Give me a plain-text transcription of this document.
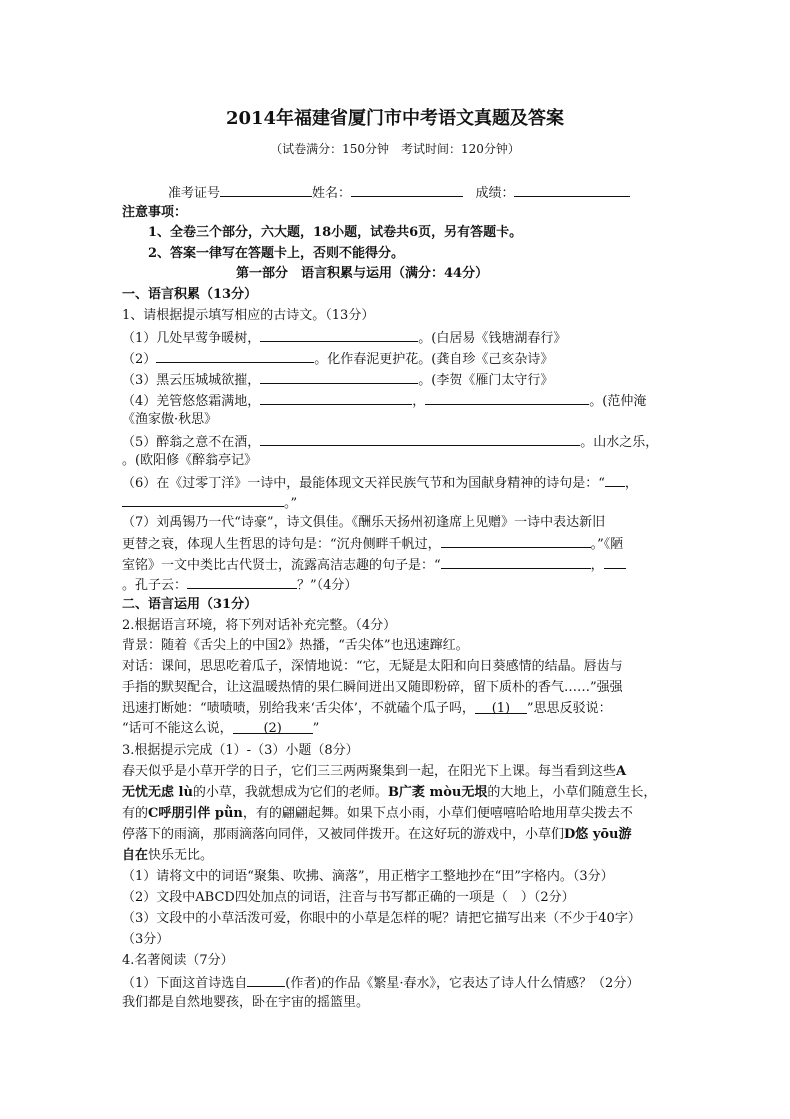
2014年福建省厦门市中考语文真题及答案
（试卷满分：150分钟　考试时间：120分钟）
准考证号	姓名：	成绩：
注意事项：
1、全卷三个部分，六大题，18小题，试卷共6页，另有答题卡。
2、答案一律写在答题卡上，否则不能得分。
第一部分　语言积累与运用（满分：44分）
一、语言积累（13分）
1、请根据提示填写相应的古诗文。（13分）
（1）几处早莺争暖树，	。(白居易《钱塘湖春行》
（2）	。化作春泥更护花。(龚自珍《己亥杂诗》
（3）黑云压城城欲摧，	。(李贺《雁门太守行》
（4）羌管悠悠霜满地，	，	。(范仲淹
《渔家傲·秋思》
（5）醉翁之意不在酒，	。山水之乐，
。(欧阳修《醉翁亭记》
（6）在《过零丁洋》一诗中，最能体现文天祥民族气节和为国献身精神的诗句是：“ ，
。”
（7）刘禹锡乃一代“诗豪”，诗文俱佳。《酬乐天扬州初逢席上见赠》一诗中表达新旧
更替之衰，体现人生哲思的诗句是：“沉舟侧畔千帆过，	。”《陋
室铭》一文中类比古代贤士，流露高洁志趣的句子是：“	，
。孔子云：	？”（4分）
二、语言运用（31分）
2.根据语言环境，将下列对话补充完整。（4分）
背景：随着《舌尖上的中国2》热播，“舌尖体”也迅速蹿红。
对话：课间，思思吃着瓜子，深情地说：“它，无疑是太阳和向日葵感情的结晶。唇齿与
手指的默契配合，让这温暖热情的果仁瞬间迸出又随即粉碎，留下质朴的香气……”强强
迅速打断她：“啧啧啧，别给我来‘舌尖体’，不就磕个瓜子吗， (1) ”思思反驳说：
“话可不能这么说， (2) ”
3.根据提示完成（1）-（3）小题（8分）
春天似乎是小草开学的日子，它们三三两两聚集到一起，在阳光下上课。每当看到这些A
无忧无虑 lù的小草，我就想成为它们的老师。B广袤 mòu无垠的大地上，小草们随意生长，
有的C呼朋引伴 pǜn，有的翩翩起舞。如果下点小雨，小草们便嘻嘻哈哈地用草尖拨去不
停落下的雨滴，那雨滴落向同伴，又被同伴拨开。在这好玩的游戏中，小草们D悠 yōu游
自在快乐无比。
（1）请将文中的词语“聚集、吹拂、滴落”，用正楷字工整地抄在“田”字格内。（3分）
（2）文段中ABCD四处加点的词语，注音与书写都正确的一项是（　）（2分）
（3）文段中的小草活泼可爱，你眼中的小草是怎样的呢？请把它描写出来（不少于40字）
（3分）
4.名著阅读（7分）
（1）下面这首诗选自	(作者)的作品《繁星·春水》，它表达了诗人什么情感？（2分）
我们都是自然地婴孩，卧在宇宙的摇篮里。
